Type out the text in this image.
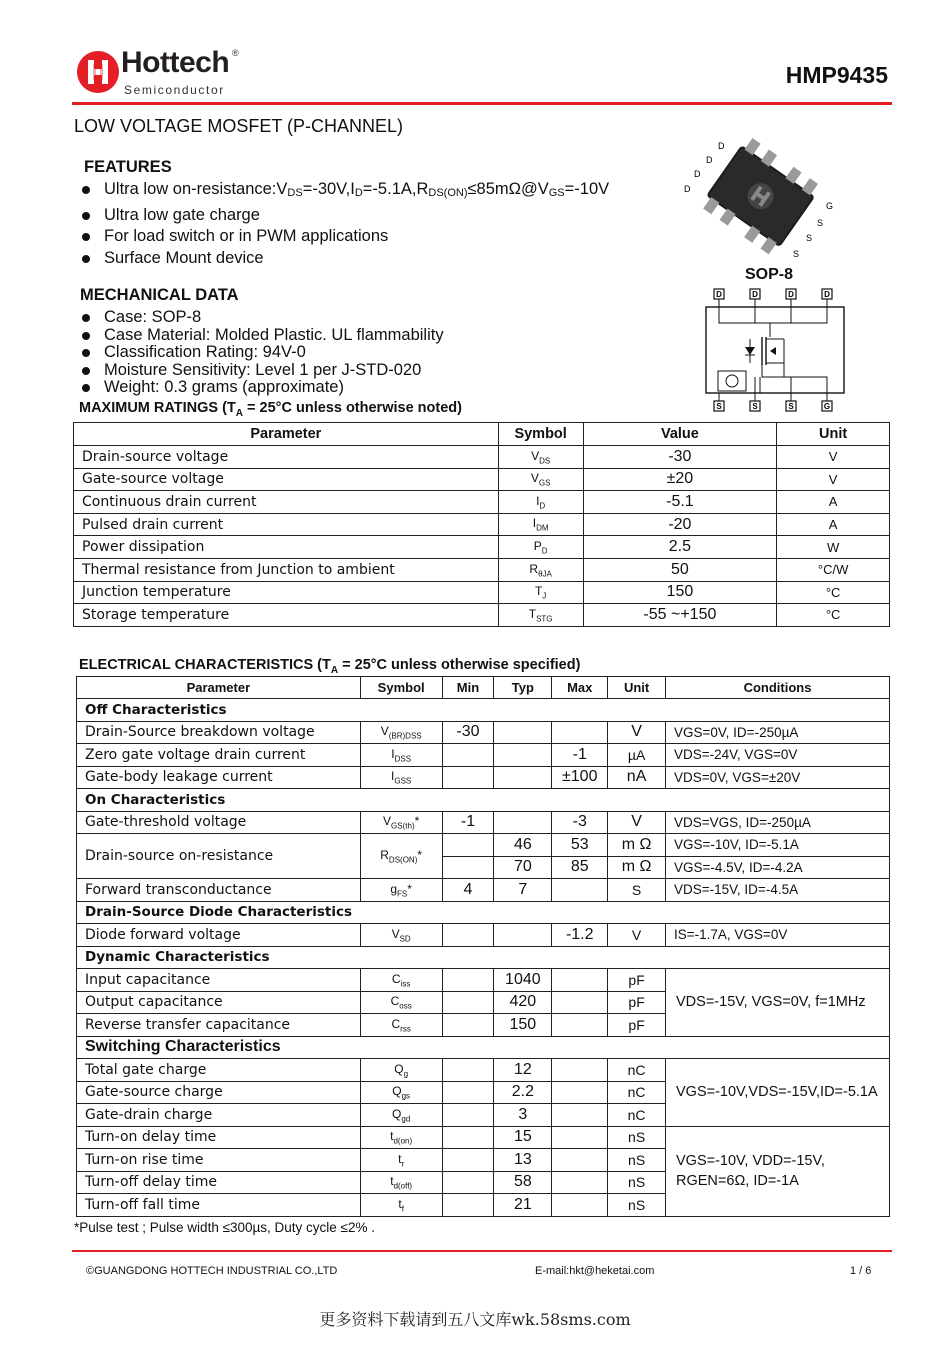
Hottech ®
Semiconductor
HMP9435
LOW VOLTAGE MOSFET (P-CHANNEL)
FEATURES
Ultra low $on-resistance:V_{DS}=-30V,I_D=-5.1A,R_{DS(ON)}\le 85m\Omega@V_{GS}=-10V$
Ultra low gate charge
For load switch or in PWM applications
Surface Mount device
D
D
D
D
G
S
S
S
SOP-8
D	D	D	D
S	S	S	G
MECHANICAL DATA
Case: SOP-8
Case Material: Molded Plastic. UL flammability
Classification Rating: 94V-0
Moisture Sensitivity: Level 1 per J-STD-020
Weight: 0.3 grams (approximate)
MAXIMUM RATINGS ($T_A = 25^\circ C$ unless otherwise noted)
Parameter	Symbol	Value	Unit
Drain-source voltage	$V_{DS}$	-30	V
Gate-source voltage	$V_{GS}$	±20	V
Continuous drain current	$I_D$	-5.1	A
Pulsed drain current	$I_{DM}$	-20	A
Power dissipation	$P_D$	2.5	W
Thermal resistance from Junction to ambient	$R_{\theta JA}$	50	°C/W
Junction temperature	$T_J$	150	°C
Storage temperature	$T_{STG}$	-55 ~+150	°C
ELECTRICAL CHARACTERISTICS ($T_A = 25^\circ C$ unless otherwise specified)
Parameter	Symbol	Min	Typ	Max	Unit	Conditions
Off Characteristics						
Drain-Source breakdown voltage	$V_{(BR)DSS}$	-30			V	VGS=0V, ID=-250µA
Zero gate voltage drain current	$I_{DSS}$			-1	µA	VDS=-24V, VGS=0V
Gate-body leakage current	$I_{GSS}$			±100	nA	VDS=0V, VGS=±20V
On Characteristics						
Gate-threshold voltage	$V_{GS(th)}*$	-1		-3	V	VDS=VGS, ID=-250µA
Drain-source on-resistance	$R_{DS(ON)}*$		46	53	m Ω	VGS=-10V, ID=-5.1A
			70	85	m Ω	VGS=-4.5V, ID=-4.2A
Forward transconductance	$g_{FS}*$	4	7		S	VDS=-15V, ID=-4.5A
Drain-Source Diode Characteristics						
Diode forward voltage	$V_{SD}$			-1.2	V	IS=-1.7A, VGS=0V
Dynamic Characteristics						
Input capacitance	$C_{iss}$		1040		pF	VDS=-15V, VGS=0V, f=1MHz
Output capacitance	$C_{oss}$		420		pF	
Reverse transfer capacitance	$C_{rss}$		150		pF	
Switching Characteristics						
Total gate charge	$Q_g$		12		nC	VGS=-10V,VDS=-15V,ID=-5.1A
Gate-source charge	$Q_{gs}$		2.2		nC	
Gate-drain charge	$Q_{gd}$		3		nC	
Turn-on delay time	$t_{d(on)}$		15		nS	VGS=-10V, VDD=-15V,
RGEN=6Ω, ID=-1A
Turn-on rise time	$t_r$		13		nS	
Turn-off delay time	$t_{d(off)}$		58		nS	
Turn-off fall time	$t_f$		21		nS	
*Pulse test ; Pulse width ≤300µs, Duty cycle ≤2% .
©GUANGDONG HOTTECH INDUSTRIAL CO.,LTD	E-mail:hkt@heketai.com	1 / 6
更多资料下载请到五八文库wk.58sms.com
